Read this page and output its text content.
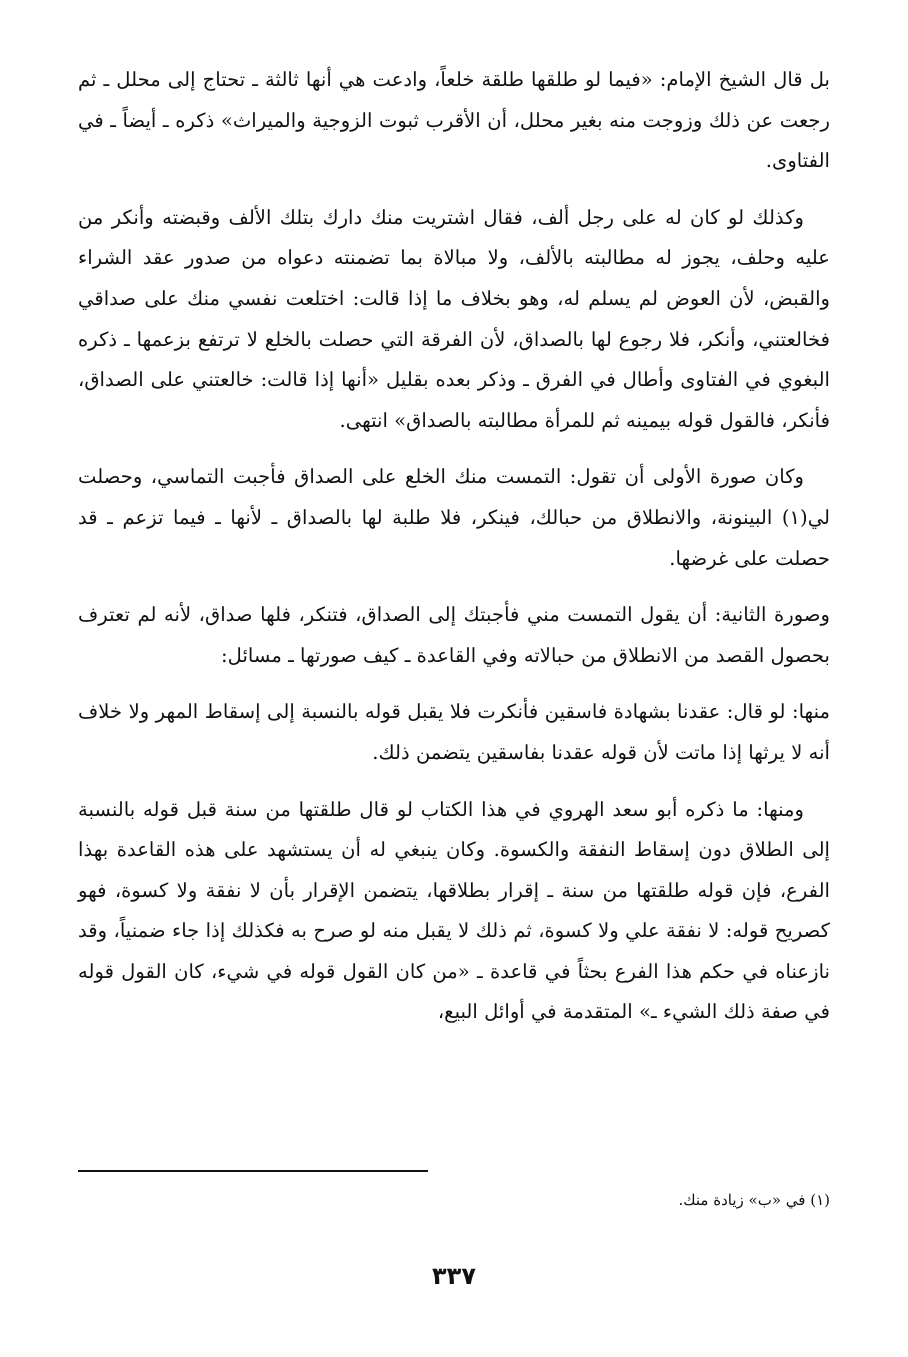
بل قال الشيخ الإمام: «فيما لو طلقها طلقة خلعاً، وادعت هي أنها ثالثة ـ تحتاج إلى محلل ـ ثم رجعت عن ذلك وزوجت منه بغير محلل، أن الأقرب ثبوت الزوجية والميراث» ذكره ـ أيضاً ـ في الفتاوى.

وكذلك لو كان له على رجل ألف، فقال اشتريت منك دارك بتلك الألف وقبضته وأنكر من عليه وحلف، يجوز له مطالبته بالألف، ولا مبالاة بما تضمنته دعواه من صدور عقد الشراء والقبض، لأن العوض لم يسلم له، وهو بخلاف ما إذا قالت: اختلعت نفسي منك على صداقي فخالعتني، وأنكر، فلا رجوع لها بالصداق، لأن الفرقة التي حصلت بالخلع لا ترتفع بزعمها ـ ذكره البغوي في الفتاوى وأطال في الفرق ـ وذكر بعده بقليل «أنها إذا قالت: خالعتني على الصداق، فأنكر، فالقول قوله بيمينه ثم للمرأة مطالبته بالصداق» انتهى.

وكان صورة الأولى أن تقول: التمست منك الخلع على الصداق فأجبت التماسي، وحصلت لي(١) البينونة، والانطلاق من حبالك، فينكر، فلا طلبة لها بالصداق ـ لأنها ـ فيما تزعم ـ قد حصلت على غرضها.

وصورة الثانية: أن يقول التمست مني فأجبتك إلى الصداق، فتنكر، فلها صداق، لأنه لم تعترف بحصول القصد من الانطلاق من حبالاته وفي القاعدة ـ كيف صورتها ـ مسائل:

منها: لو قال: عقدنا بشهادة فاسقين فأنكرت فلا يقبل قوله بالنسبة إلى إسقاط المهر ولا خلاف أنه لا يرثها إذا ماتت لأن قوله عقدنا بفاسقين يتضمن ذلك.

ومنها: ما ذكره أبو سعد الهروي في هذا الكتاب لو قال طلقتها من سنة قبل قوله بالنسبة إلى الطلاق دون إسقاط النفقة والكسوة. وكان ينبغي له أن يستشهد على هذه القاعدة بهذا الفرع، فإن قوله طلقتها من سنة ـ إقرار بطلاقها، يتضمن الإقرار بأن لا نفقة ولا كسوة، فهو كصريح قوله: لا نفقة علي ولا كسوة، ثم ذلك لا يقبل منه لو صرح به فكذلك إذا جاء ضمنياً، وقد نازعناه في حكم هذا الفرع بحثاً في قاعدة ـ «من كان القول قوله في شيء، كان القول قوله في صفة ذلك الشيء ـ» المتقدمة في أوائل البيع،

(١) في «ب» زيادة منك.
٣٣٧
